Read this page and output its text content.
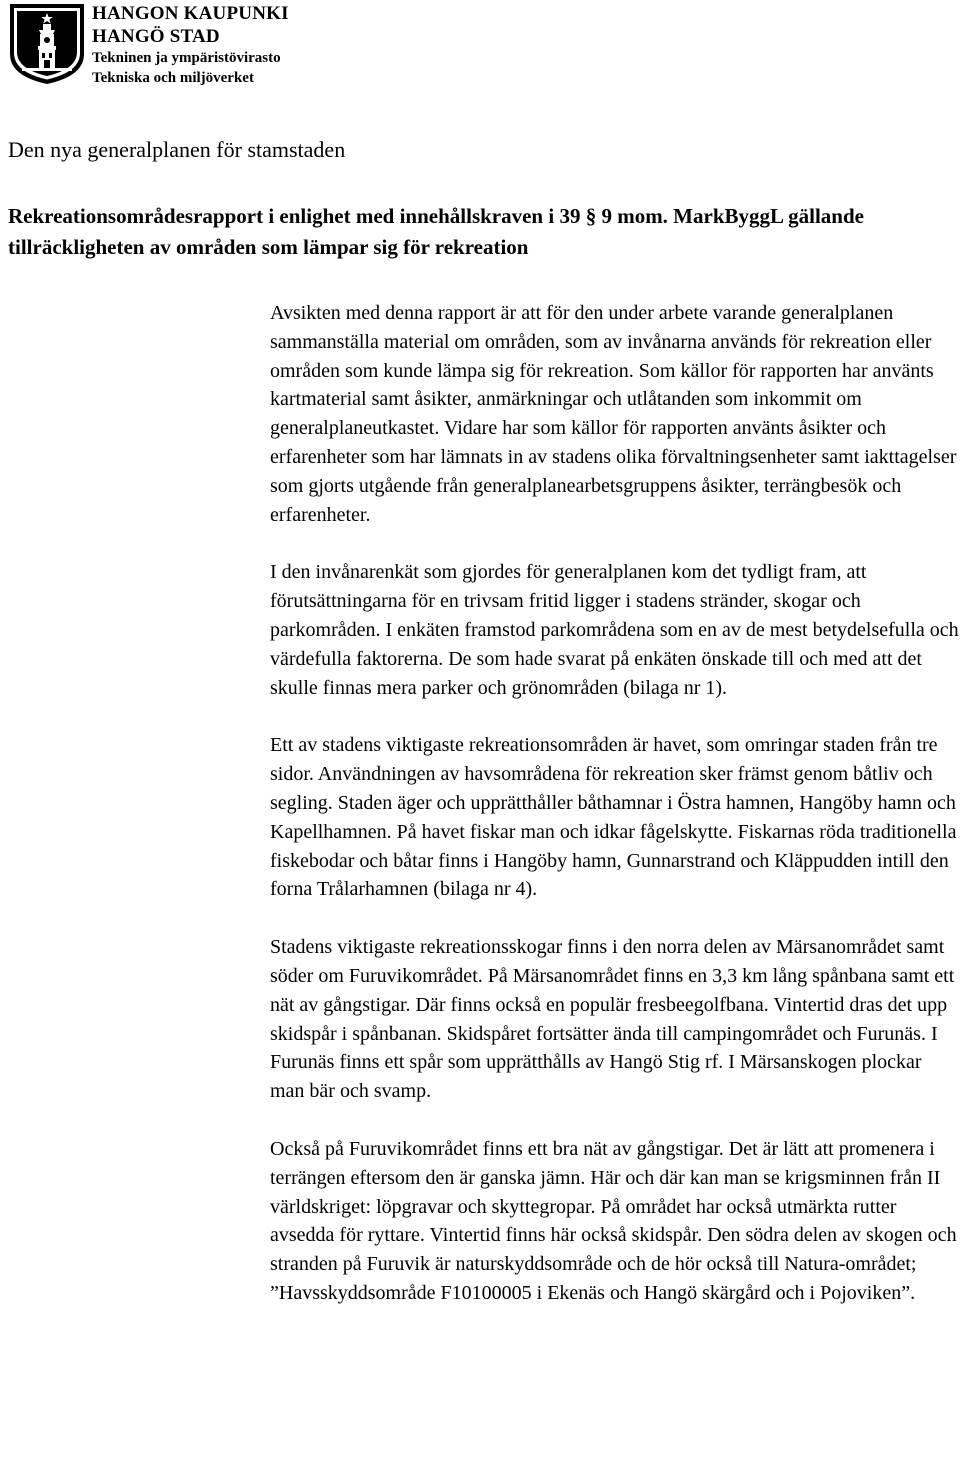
HANGON KAUPUNKI
HANGÖ STAD
Tekninen ja ympäristövirasto
Tekniska och miljöverket
Den nya generalplanen för stamstaden
Rekreationsområdesrapport i enlighet med innehållskraven i 39 § 9 mom. MarkByggL gällande tillräckligheten av områden som lämpar sig för rekreation

Avsikten med denna rapport är att för den under arbete varande generalplanen sammanställa material om områden, som av invånarna används för rekreation eller områden som kunde lämpa sig för rekreation. Som källor för rapporten har använts kartmaterial samt åsikter, anmärkningar och utlåtanden som inkommit om generalplaneutkastet. Vidare har som källor för rapporten använts åsikter och erfarenheter som har lämnats in av stadens olika förvaltningsenheter samt iakttagelser som gjorts utgående från generalplanearbetsgruppens åsikter, terrängbesök och erfarenheter.

I den invånarenkät som gjordes för generalplanen kom det tydligt fram, att förutsättningarna för en trivsam fritid ligger i stadens stränder, skogar och parkområden. I enkäten framstod parkområdena som en av de mest betydelsefulla och värdefulla faktorerna. De som hade svarat på enkäten önskade till och med att det skulle finnas mera parker och grönområden (bilaga nr 1).

Ett av stadens viktigaste rekreationsområden är havet, som omringar staden från tre sidor. Användningen av havsområdena för rekreation sker främst genom båtliv och segling. Staden äger och upprätthåller båthamnar i Östra hamnen, Hangöby hamn och Kapellhamnen. På havet fiskar man och idkar fågelskytte. Fiskarnas röda traditionella fiskebodar och båtar finns i Hangöby hamn, Gunnarstrand och Kläppudden intill den forna Trålarhamnen (bilaga nr 4).

Stadens viktigaste rekreationsskogar finns i den norra delen av Märsanområdet samt söder om Furuvikområdet. På Märsanområdet finns en 3,3 km lång spånbana samt ett nät av gångstigar. Där finns också en populär fresbeegolfbana. Vintertid dras det upp skidspår i spånbanan. Skidspåret fortsätter ända till campingområdet och Furunäs. I Furunäs finns ett spår som upprätthålls av Hangö Stig rf. I Märsanskogen plockar man bär och svamp.

Också på Furuvikområdet finns ett bra nät av gångstigar. Det är lätt att promenera i terrängen eftersom den är ganska jämn. Här och där kan man se krigsminnen från II världskriget: löpgravar och skyttegropar. På området har också utmärkta rutter avsedda för ryttare. Vintertid finns här också skidspår. Den södra delen av skogen och stranden på Furuvik är naturskyddsområde och de hör också till Natura-området; ”Havsskyddsområde F10100005 i Ekenäs och Hangö skärgård och i Pojoviken”.
